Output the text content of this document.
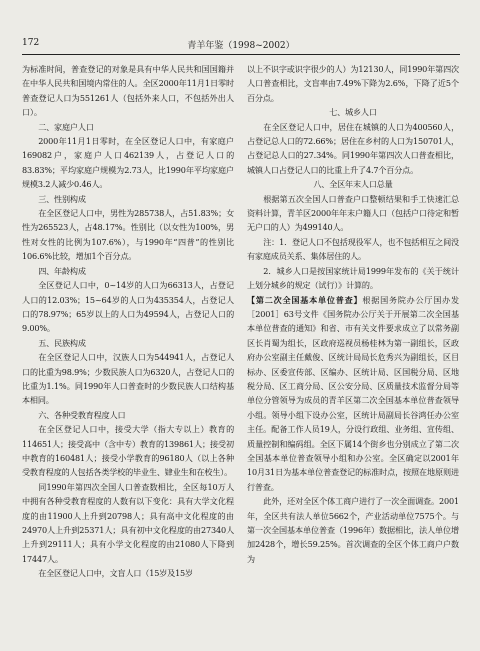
172	青羊年鉴（1998~2002）

为标准时间，普查登记的对象是具有中华人民共和国国籍并在中华人民共和国境内常住的人。全区2000年11月1日零时普查登记人口为551261人（包括外来人口，不包括外出人口）。

二、家庭户人口

2000年11月1日零时，在全区登记人口中，有家庭户169082户，家庭户人口462139人，占登记人口的83.83%；平均家庭户规模为2.73人，比1990年平均家庭户规模3.2人减少0.46人。

三、性别构成

在全区登记人口中，男性为285738人，占51.83%；女性为265523人，占48.17%。性别比（以女性为100%，男性对女性的比例为107.6%），与1990年“四普”的性别比106.6%比较，增加1个百分点。

四、年龄构成

全区登记人口中，0~14岁的人口为66313人，占登记人口的12.03%；15~64岁的人口为435354人，占登记人口的78.97%；65岁以上的人口为49594人，占登记人口的9.00%。

五、民族构成

在全区登记人口中，汉族人口为544941人，占登记人口的比重为98.9%；少数民族人口为6320人，占登记人口的比重为1.1%。同1990年人口普查时的少数民族人口结构基本相同。

六、各种受教育程度人口

在全区登记人口中，接受大学（指大专以上）教育的114651人；接受高中（含中专）教育的139861人；接受初中教育的160481人；接受小学教育的96180人（以上各种受教育程度的人包括各类学校的毕业生、肄业生和在校生）。

同1990年第四次全国人口普查数相比，全区每10万人中拥有各种受教育程度的人数有以下变化：具有大学文化程度的由11900人上升到20798人；具有高中文化程度的由24970人上升到25371人；具有初中文化程度的由27340人上升到29111人；具有小学文化程度的由21080人下降到17447人。

在全区登记人口中，文盲人口（15岁及15岁

以上不识字或识字很少的人）为12130人，同1990年第四次人口普查相比，文盲率由7.49%下降为2.6%，下降了近5个百分点。

七、城乡人口

在全区登记人口中，居住在城镇的人口为400560人，占登记总人口的72.66%；居住在乡村的人口为150701人，占登记总人口的27.34%。同1990年第四次人口普查相比，城镇人口占登记人口的比重上升了4.7个百分点。

八、全区年末人口总量

根据第五次全国人口普查户口整顿结果和手工快速汇总资料计算，青羊区2000年年末户籍人口（包括户口待定和暂无户口的人）为499140人。

注：1．登记人口不包括现役军人，也不包括相互之间没有家庭成员关系、集体居住的人。

2．城乡人口是按国家统计局1999年发布的《关于统计上划分城乡的规定（试行）》计算的。

【第二次全国基本单位普查】根据国务院办公厅国办发［2001］63号文件《国务院办公厅关于开展第二次全国基本单位普查的通知》和省、市有关文件要求成立了以常务副区长肖蜀为组长，区政府巡视员杨桂林为第一副组长，区政府办公室副主任戴俊、区统计局局长危秀兴为副组长，区目标办、区委宣传部、区编办、区统计局、区国税分局、区地税分局、区工商分局、区公安分局、区质量技术监督分局等单位分管领导为成员的青羊区第二次全国基本单位普查领导小组。领导小组下设办公室，区统计局副局长谷鸿任办公室主任。配备工作人员19人，分设行政组、业务组、宣传组、质量控制和编码组。全区下属14个街乡也分别成立了第二次全国基本单位普查领导小组和办公室。全区确定以2001年10月31日为基本单位普查登记的标准时点，按照在地原则进行普查。

此外，还对全区个体工商户进行了一次全面调查。2001年，全区共有法人单位5662个，产业活动单位7575个。与第一次全国基本单位普查（1996年）数据相比，法人单位增加2428个，增长59.25%。首次调查的全区个体工商户户数为
